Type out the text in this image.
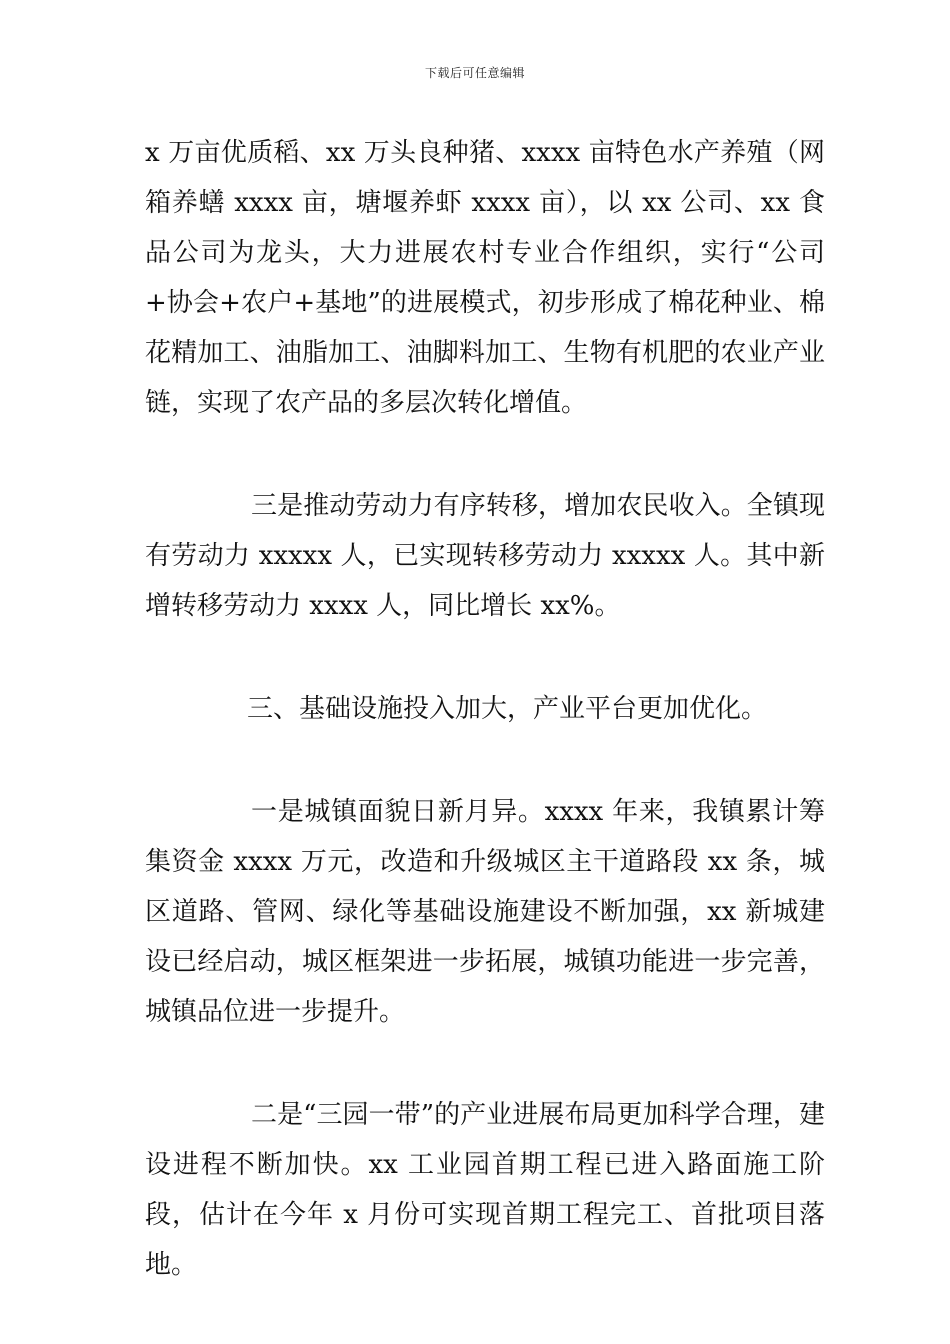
下载后可任意编辑

x 万亩优质稻、xx 万头良种猪、xxxx 亩特色水产养殖（网箱养蟮 xxxx 亩，塘堰养虾 xxxx 亩），以 xx 公司、xx 食品公司为龙头，大力进展农村专业合作组织，实行“公司+协会+农户+基地”的进展模式，初步形成了棉花种业、棉花精加工、油脂加工、油脚料加工、生物有机肥的农业产业链，实现了农产品的多层次转化增值。

三是推动劳动力有序转移，增加农民收入。全镇现有劳动力 xxxxx 人，已实现转移劳动力 xxxxx 人。其中新增转移劳动力 xxxx 人，同比增长 xx%。

三、基础设施投入加大，产业平台更加优化。

一是城镇面貌日新月异。xxxx 年来，我镇累计筹集资金 xxxx 万元，改造和升级城区主干道路段 xx 条，城区道路、管网、绿化等基础设施建设不断加强，xx 新城建设已经启动，城区框架进一步拓展，城镇功能进一步完善，城镇品位进一步提升。

二是“三园一带”的产业进展布局更加科学合理，建设进程不断加快。xx 工业园首期工程已进入路面施工阶段，估计在今年 x 月份可实现首期工程完工、首批项目落地。
